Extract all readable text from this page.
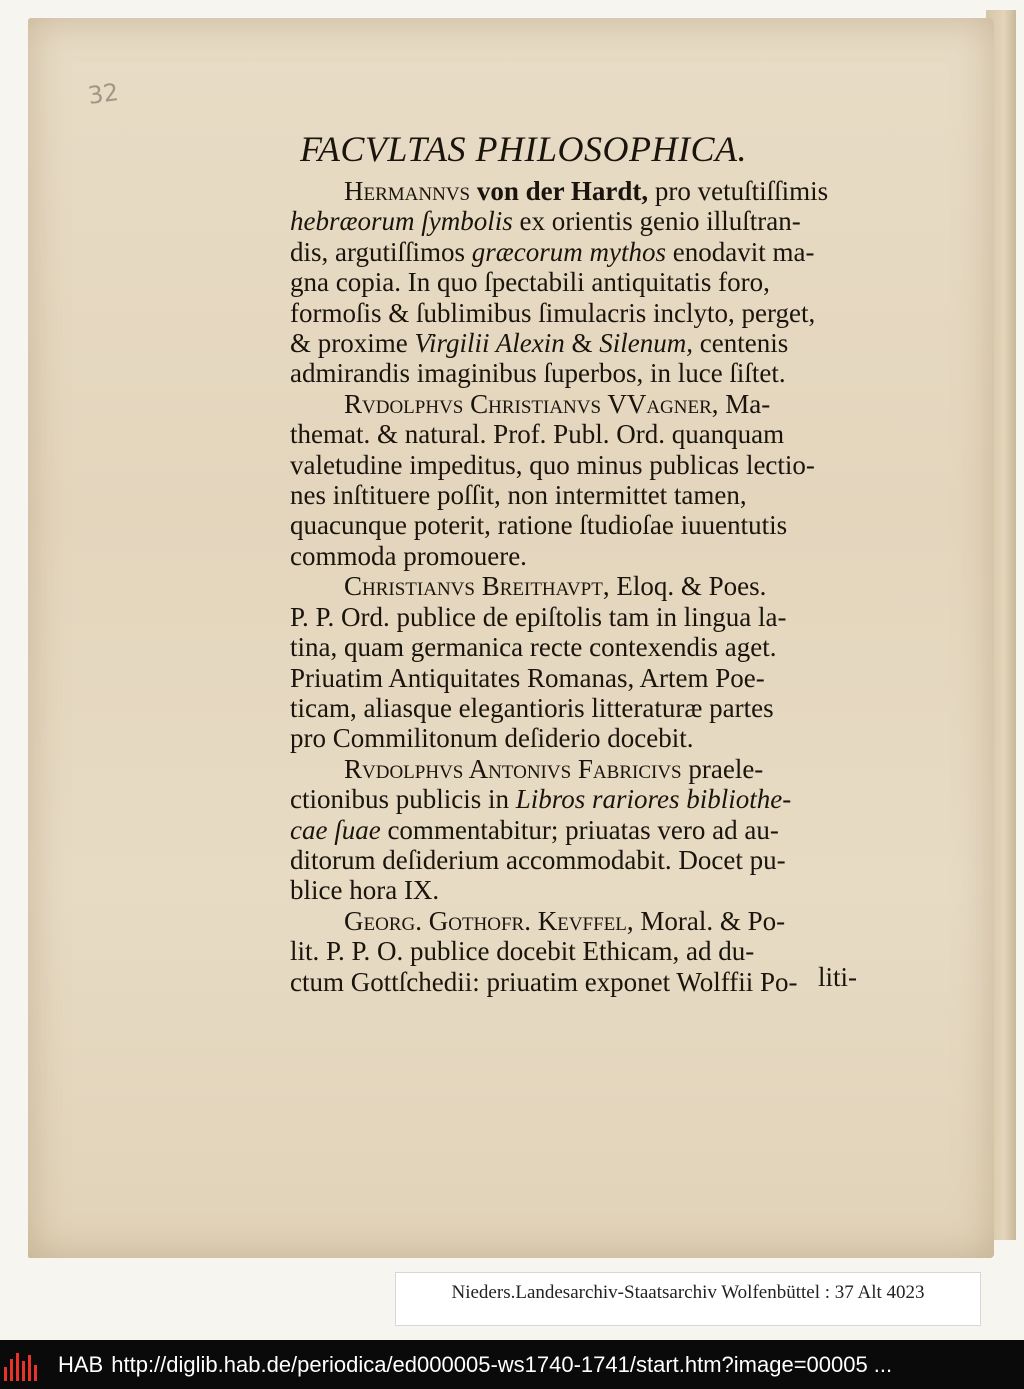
32
FACVLTAS PHILOSOPHICA.
Hermannvs von der Hardt, pro vetuſtiſſimis
hebræorum ſymbolis ex orientis genio illuſtran-
dis, argutiſſimos græcorum mythos enodavit ma-
gna copia. In quo ſpectabili antiquitatis foro,
formoſis & ſublimibus ſimulacris inclyto, perget,
& proxime Virgilii Alexin & Silenum, centenis
admirandis imaginibus ſuperbos, in luce ſiſtet.
Rvdolphvs Christianvs VVagner, Ma-
themat. & natural. Prof. Publ. Ord. quanquam
valetudine impeditus, quo minus publicas lectio-
nes inſtituere poſſit, non intermittet tamen,
quacunque poterit, ratione ſtudioſae iuuentutis
commoda promouere.
Christianvs Breithavpt, Eloq. & Poes.
P. P. Ord. publice de epiſtolis tam in lingua la-
tina, quam germanica recte contexendis aget.
Priuatim Antiquitates Romanas, Artem Poe-
ticam, aliasque elegantioris litteraturæ partes
pro Commilitonum deſiderio docebit.
Rvdolphvs Antonivs Fabricivs praele-
ctionibus publicis in Libros rariores bibliothe-
cae ſuae commentabitur; priuatas vero ad au-
ditorum deſiderium accommodabit. Docet pu-
blice hora IX.
Georg. Gothofr. Kevffel, Moral. & Po-
lit. P. P. O. publice docebit Ethicam, ad du-
ctum Gottſchedii: priuatim exponet Wolffii Po- liti-
Nieders.Landesarchiv-Staatsarchiv Wolfenbüttel : 37 Alt 4023
HAB http://diglib.hab.de/periodica/ed000005-ws1740-1741/start.htm?image=00005 ...
